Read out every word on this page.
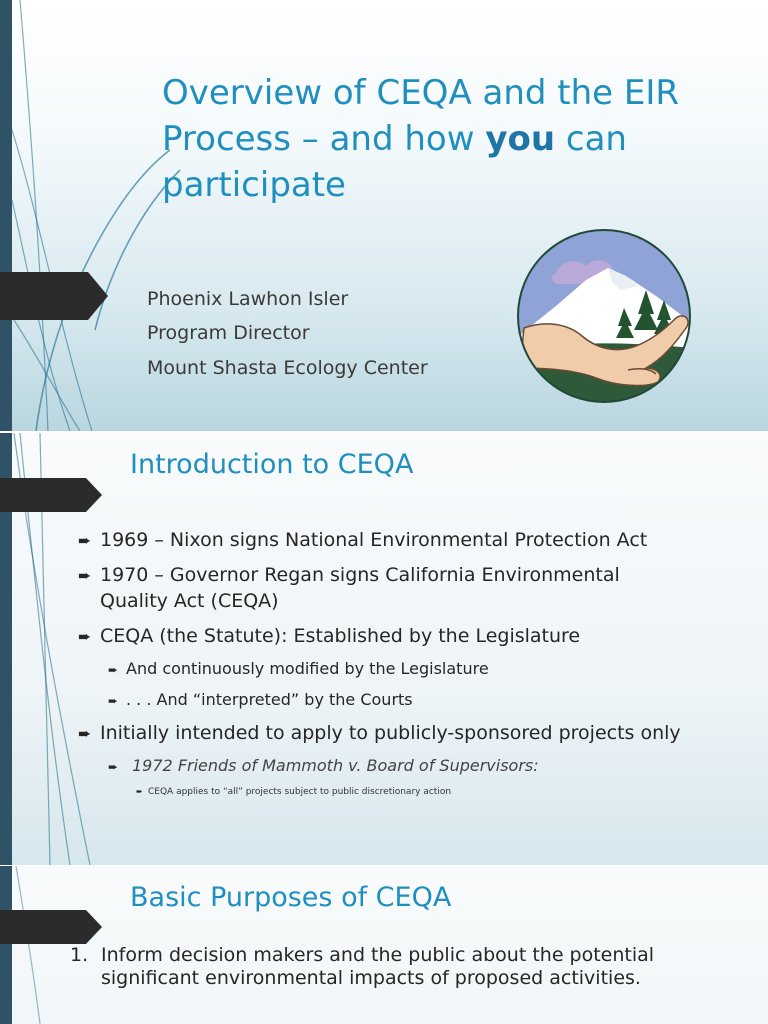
Overview of CEQA and the EIR Process – and how you can participate

Phoenix Lawhon Isler

Program Director

Mount Shasta Ecology Center

Introduction to CEQA

➨ 1969 – Nixon signs National Environmental Protection Act
➨ 1970 – Governor Regan signs California Environmental
Quality Act (CEQA)
➨ CEQA (the Statute): Established by the Legislature
➨ And continuously modified by the Legislature
➨ . . . And “interpreted” by the Courts
➨ Initially intended to apply to publicly-sponsored projects only
➨ 1972 Friends of Mammoth v. Board of Supervisors:
➨ CEQA applies to “all” projects subject to public discretionary action

Basic Purposes of CEQA

1. Inform decision makers and the public about the potential significant environmental impacts of proposed activities.
